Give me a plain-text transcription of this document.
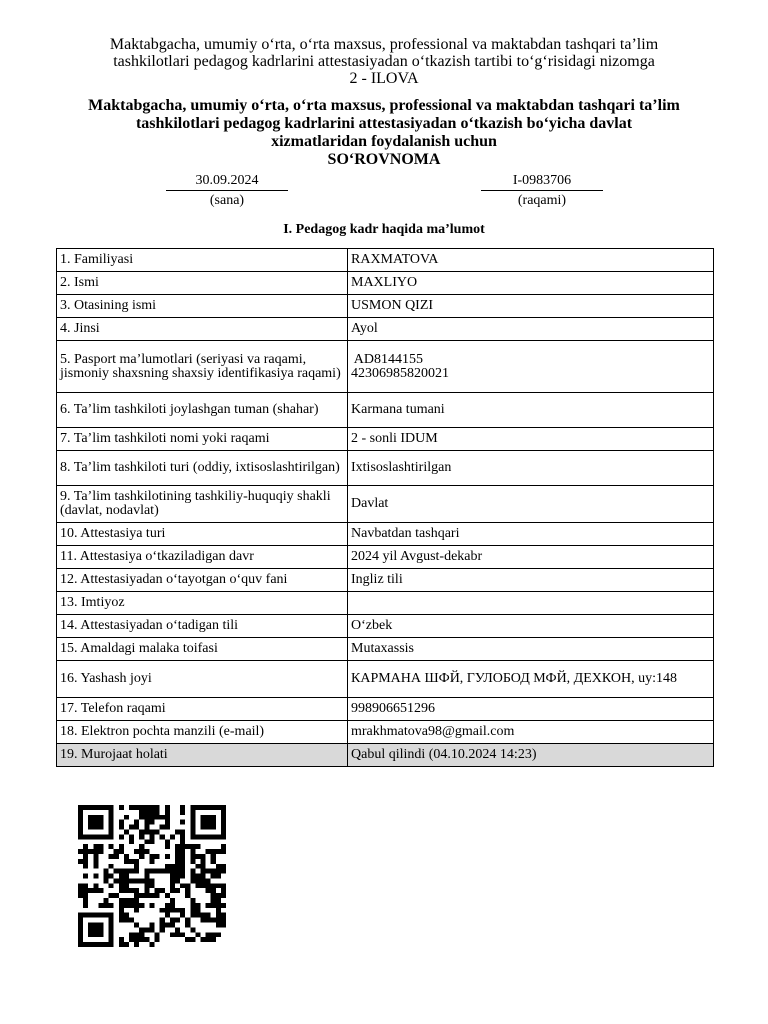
Maktabgacha, umumiy o‘rta, o‘rta maxsus, professional va maktabdan tashqari ta’lim
tashkilotlari pedagog kadrlarini attestasiyadan o‘tkazish tartibi to‘g‘risidagi nizomga
2 - ILOVA
Maktabgacha, umumiy o‘rta, o‘rta maxsus, professional va maktabdan tashqari ta’lim
tashkilotlari pedagog kadrlarini attestasiyadan o‘tkazish bo‘yicha davlat
xizmatlaridan foydalanish uchun
SO‘ROVNOMA
30.09.2024
(sana)
I-0983706
(raqami)
I. Pedagog kadr haqida ma’lumot
1. Familiyasi	RAXMATOVA
2. Ismi	MAXLIYO
3. Otasining ismi	USMON QIZI
4. Jinsi	Ayol
5. Pasport ma’lumotlari (seriyasi va raqami, jismoniy shaxsning shaxsiy identifikasiya raqami)	AD8144155
42306985820021

6. Ta’lim tashkiloti joylashgan tuman (shahar)	Karmana tumani
7. Ta’lim tashkiloti nomi yoki raqami	2 - sonli IDUM
8. Ta’lim tashkiloti turi (oddiy, ixtisoslashtirilgan)	Ixtisoslashtirilgan
9. Ta’lim tashkilotining tashkiliy-huquqiy shakli (davlat, nodavlat)	Davlat
10. Attestasiya turi	Navbatdan tashqari
11. Attestasiya o‘tkaziladigan davr	2024 yil Avgust-dekabr
12. Attestasiyadan o‘tayotgan o‘quv fani	Ingliz tili
13. Imtiyoz	
14. Attestasiyadan o‘tadigan tili	O‘zbek
15. Amaldagi malaka toifasi	Mutaxassis
16. Yashash joyi	КАРМАНА ШФЙ, ГУЛОБОД МФЙ, ДЕХКОН, uy:148
17. Telefon raqami	998906651296
18. Elektron pochta manzili (e-mail)	mrakhmatova98@gmail.com
19. Murojaat holati	Qabul qilindi (04.10.2024 14:23)
